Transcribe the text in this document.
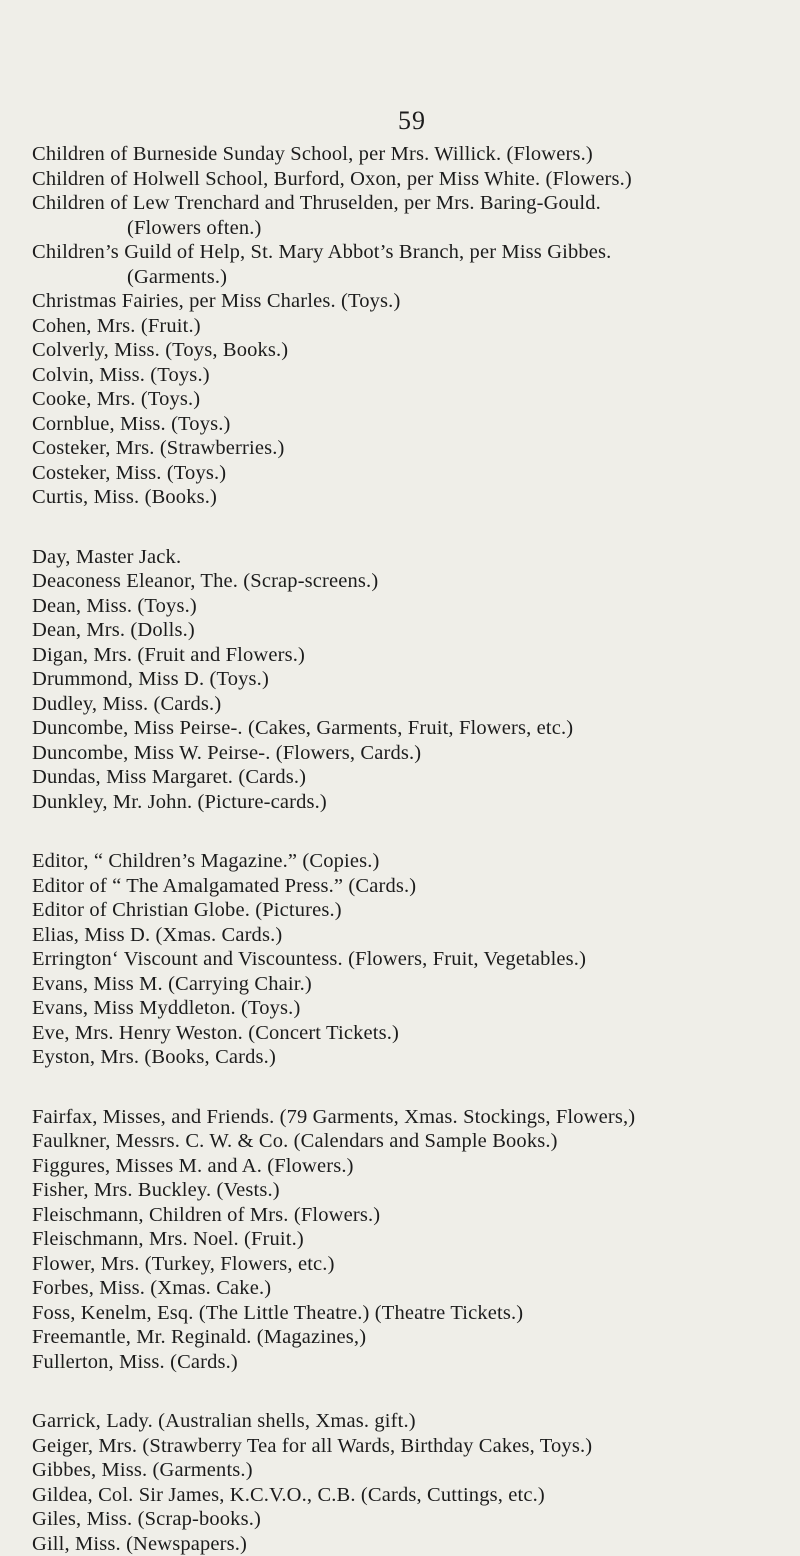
59

Children of Burneside Sunday School, per Mrs. Willick. (Flowers.)

Children of Holwell School, Burford, Oxon, per Miss White. (Flowers.)

Children of Lew Trenchard and Thruselden, per Mrs. Baring-Gould.
(Flowers often.)

Children’s Guild of Help, St. Mary Abbot’s Branch, per Miss Gibbes.
(Garments.)

Christmas Fairies, per Miss Charles. (Toys.)

Cohen, Mrs. (Fruit.)

Colverly, Miss. (Toys, Books.)

Colvin, Miss. (Toys.)

Cooke, Mrs. (Toys.)

Cornblue, Miss. (Toys.)

Costeker, Mrs. (Strawberries.)

Costeker, Miss. (Toys.)

Curtis, Miss. (Books.)

Day, Master Jack.

Deaconess Eleanor, The. (Scrap-screens.)

Dean, Miss. (Toys.)

Dean, Mrs. (Dolls.)

Digan, Mrs. (Fruit and Flowers.)

Drummond, Miss D. (Toys.)

Dudley, Miss. (Cards.)

Duncombe, Miss Peirse-. (Cakes, Garments, Fruit, Flowers, etc.)

Duncombe, Miss W. Peirse-. (Flowers, Cards.)

Dundas, Miss Margaret. (Cards.)

Dunkley, Mr. John. (Picture-cards.)

Editor, “ Children’s Magazine.” (Copies.)

Editor of “ The Amalgamated Press.” (Cards.)

Editor of Christian Globe. (Pictures.)

Elias, Miss D. (Xmas. Cards.)

Errington‘ Viscount and Viscountess. (Flowers, Fruit, Vegetables.)

Evans, Miss M. (Carrying Chair.)

Evans, Miss Myddleton. (Toys.)

Eve, Mrs. Henry Weston. (Concert Tickets.)

Eyston, Mrs. (Books, Cards.)

Fairfax, Misses, and Friends. (79 Garments, Xmas. Stockings, Flowers,)

Faulkner, Messrs. C. W. & Co. (Calendars and Sample Books.)

Figgures, Misses M. and A. (Flowers.)

Fisher, Mrs. Buckley. (Vests.)

Fleischmann, Children of Mrs. (Flowers.)

Fleischmann, Mrs. Noel. (Fruit.)

Flower, Mrs. (Turkey, Flowers, etc.)

Forbes, Miss. (Xmas. Cake.)

Foss, Kenelm, Esq. (The Little Theatre.) (Theatre Tickets.)

Freemantle, Mr. Reginald. (Magazines,)

Fullerton, Miss. (Cards.)

Garrick, Lady. (Australian shells, Xmas. gift.)

Geiger, Mrs. (Strawberry Tea for all Wards, Birthday Cakes, Toys.)

Gibbes, Miss. (Garments.)

Gildea, Col. Sir James, K.C.V.O., C.B. (Cards, Cuttings, etc.)

Giles, Miss. (Scrap-books.)

Gill, Miss. (Newspapers.)
